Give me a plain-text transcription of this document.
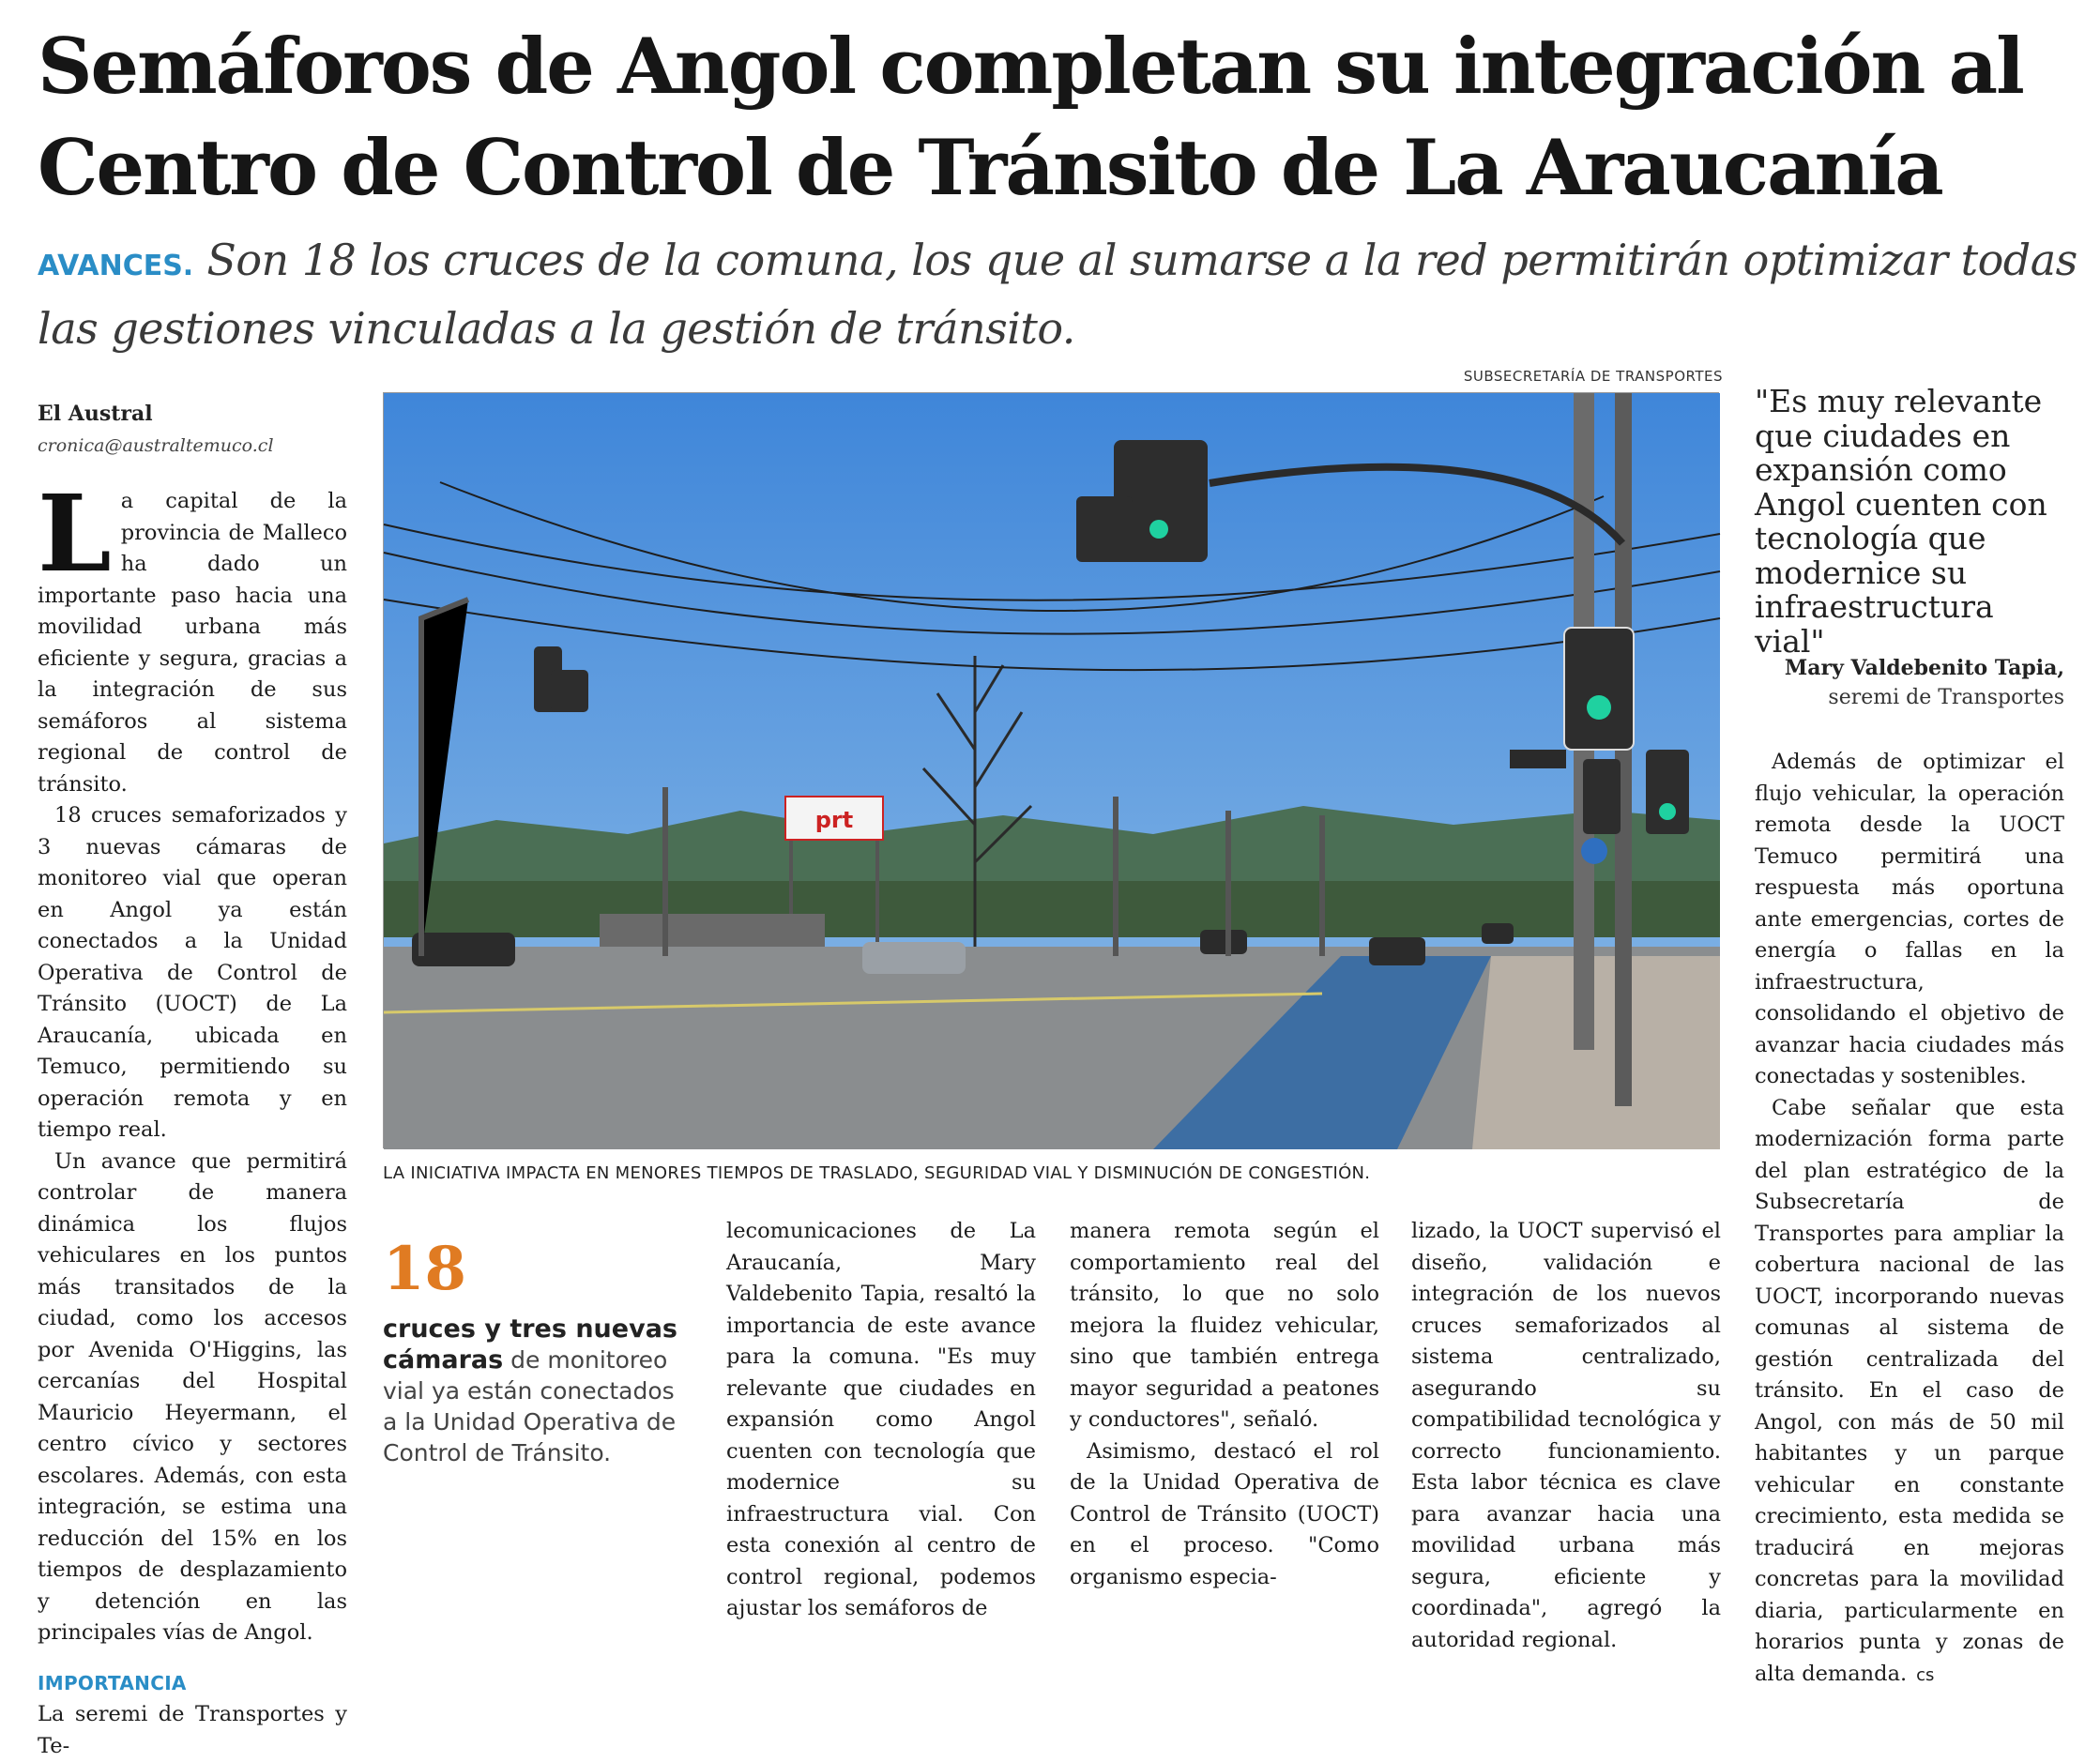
Semáforos de Angol completan su integración al Centro de Control de Tránsito de La Araucanía
AVANCES. Son 18 los cruces de la comuna, los que al sumarse a la red permitirán optimizar todas las gestiones vinculadas a la gestión de tránsito.
El Austral
cronica@australtemuco.cl
SUBSECRETARÍA DE TRANSPORTES
prt
LA INICIATIVA IMPACTA EN MENORES TIEMPOS DE TRASLADO, SEGURIDAD VIAL Y DISMINUCIÓN DE CONGESTIÓN.

La capital de la provincia de Malleco ha dado un importante paso hacia una movilidad urbana más eficiente y segura, gracias a la integración de sus semáforos al sistema regional de control de tránsito.

18 cruces semaforizados y 3 nuevas cámaras de monitoreo vial que operan en Angol ya están conectados a la Unidad Operativa de Control de Tránsito (UOCT) de La Araucanía, ubicada en Temuco, permitiendo su operación remota y en tiempo real.

Un avance que permitirá controlar de manera dinámica los flujos vehiculares en los puntos más transitados de la ciudad, como los accesos por Avenida O'Higgins, las cercanías del Hospital Mauricio Heyermann, el centro cívico y sectores escolares. Además, con esta integración, se estima una reducción del 15% en los tiempos de desplazamiento y detención en las principales vías de Angol.

IMPORTANCIA

La seremi de Transportes y Te-

18
cruces y tres nuevas cámaras de monitoreo vial ya están conectados a la Unidad Operativa de Control de Tránsito.

lecomunicaciones de La Araucanía, Mary Valdebenito Tapia, resaltó la importancia de este avance para la comuna. "Es muy relevante que ciudades en expansión como Angol cuenten con tecnología que modernice su infraestructura vial. Con esta conexión al centro de control regional, podemos ajustar los semáforos de

manera remota según el comportamiento real del tránsito, lo que no solo mejora la fluidez vehicular, sino que también entrega mayor seguridad a peatones y conductores", señaló.

Asimismo, destacó el rol de la Unidad Operativa de Control de Tránsito (UOCT) en el proceso. "Como organismo especia-

lizado, la UOCT supervisó el diseño, validación e integración de los nuevos cruces semaforizados al sistema centralizado, asegurando su compatibilidad tecnológica y correcto funcionamiento. Esta labor técnica es clave para avanzar hacia una movilidad urbana más segura, eficiente y coordinada", agregó la autoridad regional.

"Es muy relevante que ciudades en expansión como Angol cuenten con tecnología que modernice su infraestructura vial"
Mary Valdebenito Tapia,
seremi de Transportes

Además de optimizar el flujo vehicular, la operación remota desde la UOCT Temuco permitirá una respuesta más oportuna ante emergencias, cortes de energía o fallas en la infraestructura, consolidando el objetivo de avanzar hacia ciudades más conectadas y sostenibles.

Cabe señalar que esta modernización forma parte del plan estratégico de la Subsecretaría de Transportes para ampliar la cobertura nacional de las UOCT, incorporando nuevas comunas al sistema de gestión centralizada del tránsito. En el caso de Angol, con más de 50 mil habitantes y un parque vehicular en constante crecimiento, esta medida se traducirá en mejoras concretas para la movilidad diaria, particularmente en horarios punta y zonas de alta demanda. cs
